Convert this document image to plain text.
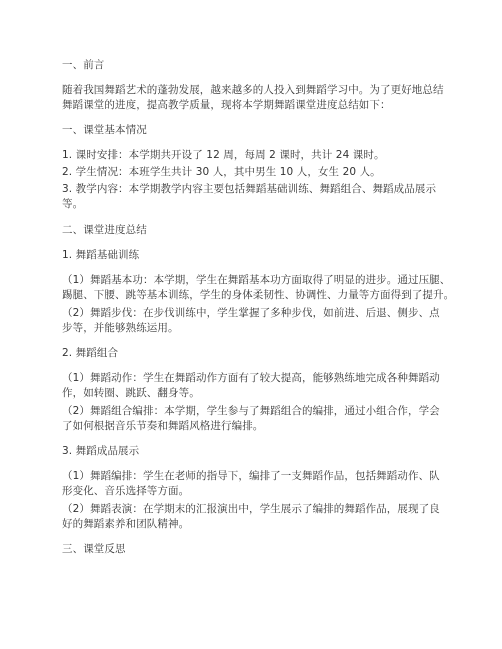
一、前言
随着我国舞蹈艺术的蓬勃发展，越来越多的人投入到舞蹈学习中。为了更好地总结
舞蹈课堂的进度，提高教学质量，现将本学期舞蹈课堂进度总结如下：
一、课堂基本情况
1. 课时安排：本学期共开设了 12 周，每周 2 课时，共计 24 课时。
2. 学生情况：本班学生共计 30 人，其中男生 10 人，女生 20 人。
3. 教学内容：本学期教学内容主要包括舞蹈基础训练、舞蹈组合、舞蹈成品展示
等。
二、课堂进度总结
1. 舞蹈基础训练
（1）舞蹈基本功：本学期，学生在舞蹈基本功方面取得了明显的进步。通过压腿、
踢腿、下腰、跳等基本训练，学生的身体柔韧性、协调性、力量等方面得到了提升。
（2）舞蹈步伐：在步伐训练中，学生掌握了多种步伐，如前进、后退、侧步、点
步等，并能够熟练运用。
2. 舞蹈组合
（1）舞蹈动作：学生在舞蹈动作方面有了较大提高，能够熟练地完成各种舞蹈动
作，如转圈、跳跃、翻身等。
（2）舞蹈组合编排：本学期，学生参与了舞蹈组合的编排，通过小组合作，学会
了如何根据音乐节奏和舞蹈风格进行编排。
3. 舞蹈成品展示
（1）舞蹈编排：学生在老师的指导下，编排了一支舞蹈作品，包括舞蹈动作、队
形变化、音乐选择等方面。
（2）舞蹈表演：在学期末的汇报演出中，学生展示了编排的舞蹈作品，展现了良
好的舞蹈素养和团队精神。
三、课堂反思
